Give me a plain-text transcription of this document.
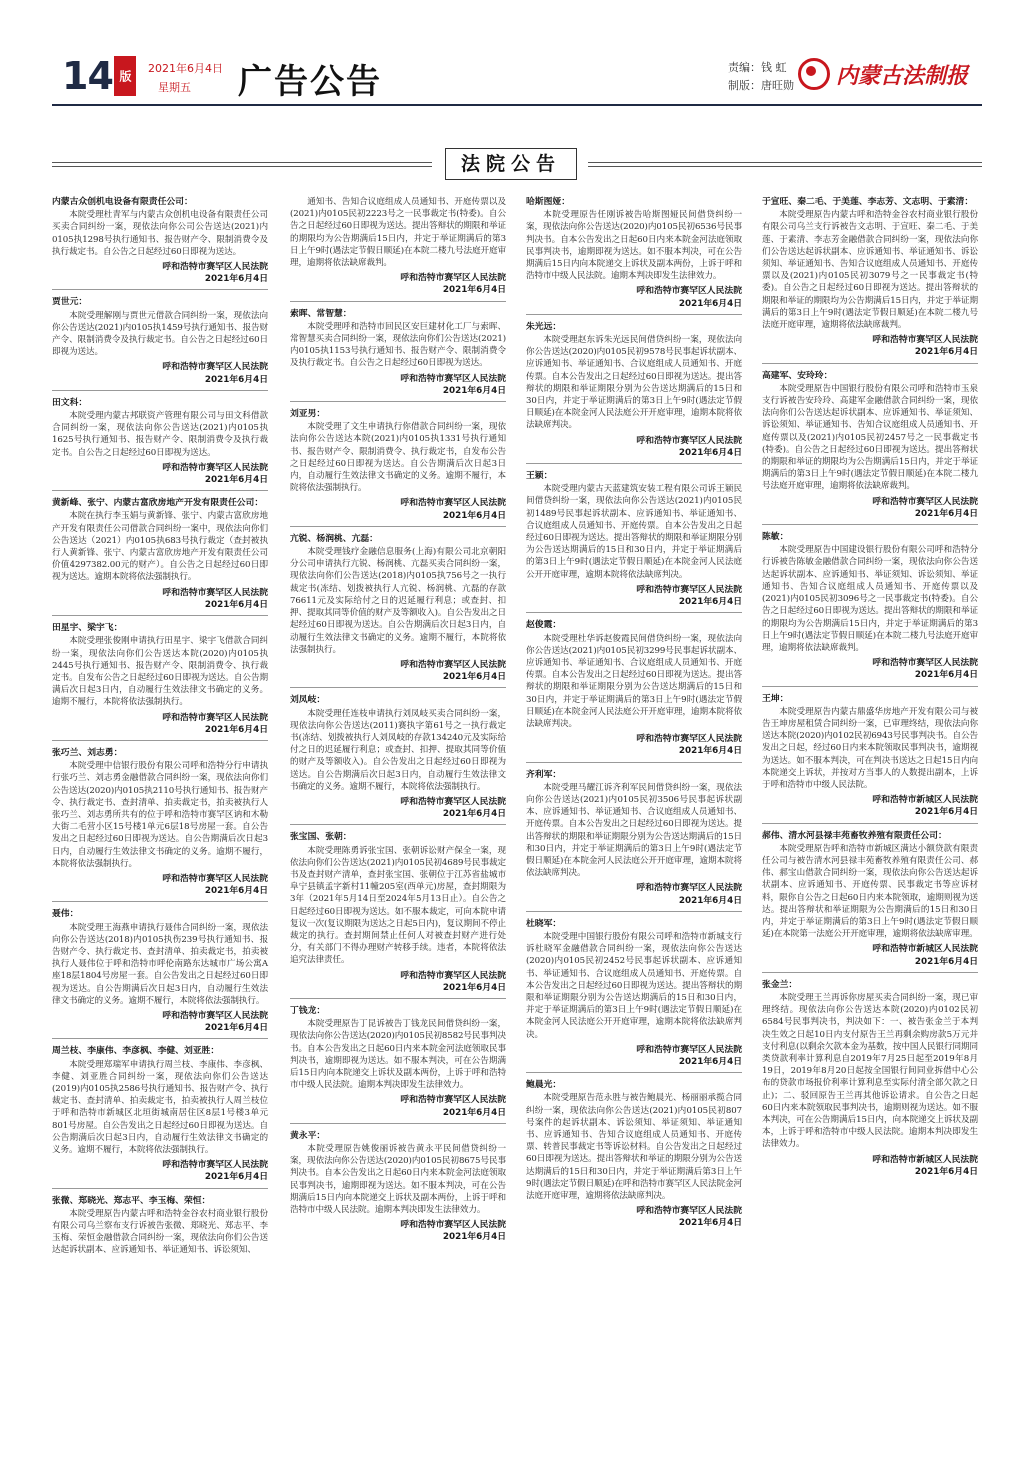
14 版
2021年6月4日
星期五 广告公告	责编：钱 虹
制版：唐旺勋 内蒙古法制报
法院公告
内蒙古众创机电设备有限责任公司：
本院受理杜青军与内蒙古众创机电设备有限责任公司买卖合同纠纷一案，现依法向你公司公告送达(2021)内0105执1298号执行通知书、报告财产令、限制消费令及执行裁定书。自公告之日起经过60日即视为送达。
呼和浩特市赛罕区人民法院
2021年6月4日
贾世元：
本院受理解刚与贾世元借款合同纠纷一案，现依法向你公告送达(2021)内0105执1459号执行通知书、报告财产令、限制消费令及执行裁定书。自公告之日起经过60日即视为送达。
呼和浩特市赛罕区人民法院
2021年6月4日
田文科：
本院受理内蒙古邦联资产管理有限公司与田文科借款合同纠纷一案，现依法向你公告送达(2021)内0105执1625号执行通知书、报告财产令、限制消费令及执行裁定书。自公告之日起经过60日即视为送达。
呼和浩特市赛罕区人民法院
2021年6月4日
黄新峰、张宁、内蒙古富欣房地产开发有限责任公司：
本院在执行李玉娟与黄新锋、张宁、内蒙古富欣房地产开发有限责任公司借款合同纠纷一案中，现依法向你们公告送达（2021）内0105执683号执行裁定（查封被执行人黄新锋、张宁、内蒙古富欣房地产开发有限责任公司价值4297382.00元的财产）。自公告之日起经过60日即视为送达。逾期本院将依法强制执行。
呼和浩特市赛罕区人民法院
2021年6月4日
田星宇、梁宇飞：
本院受理张俊刚申请执行田星宇、梁宇飞借款合同纠纷一案，现依法向你们公告送达本院(2020)内0105执2445号执行通知书、报告财产令、限制消费令、执行裁定书。自发布公告之日起经过60日即视为送达。自公告期满后次日起3日内，自动履行生效法律文书确定的义务。逾期不履行，本院将依法强制执行。
呼和浩特市赛罕区人民法院
2021年6月4日
张巧兰、刘志勇：
本院受理中信银行股份有限公司呼和浩特分行申请执行张巧兰、刘志勇金融借款合同纠纷一案，现依法向你们公告送达(2020)内0105执2110号执行通知书、报告财产令、执行裁定书、查封清单、拍卖裁定书，拍卖被执行人张巧兰、刘志勇所共有的位于呼和浩特市赛罕区讷和木勒大街二毛营小区15号楼1单元6层18号房屋一套。自公告发出之日起经过60日即视为送达。自公告期满后次日起3日内，自动履行生效法律文书确定的义务。逾期不履行，本院将依法强制执行。
呼和浩特市赛罕区人民法院
2021年6月4日
聂伟：
本院受理王海燕申请执行聂伟合同纠纷一案，现依法向你公告送达(2018)内0105执伤239号执行通知书、报告财产令、执行裁定书、查封清单、拍卖裁定书，拍卖被执行人聂伟位于呼和浩特市呼伦南路东达城市广场公寓A座18层1804号房屋一套。自公告发出之日起经过60日即视为送达。自公告期满后次日起3日内，自动履行生效法律文书确定的义务。逾期不履行，本院将依法强制执行。
呼和浩特市赛罕区人民法院
2021年6月4日
周兰枝、李康伟、李彦枫、李健、刘亚胜：
本院受理郑瑞军申请执行周兰枝、李康伟、李彦枫、李健、刘亚胜合同纠纷一案，现依法向你们公告送达(2019)内0105执2586号执行通知书、报告财产令、执行裁定书、查封清单、拍卖裁定书，拍卖被执行人周兰枝位于呼和浩特市新城区北垣街城南居住区8层1号楼3单元801号房屋。自公告发出之日起经过60日即视为送达。自公告期满后次日起3日内，自动履行生效法律文书确定的义务。逾期不履行，本院将依法强制执行。
呼和浩特市赛罕区人民法院
2021年6月4日
张微、郑晓光、郑志平、李玉梅、荣恒：
本院受理原告内蒙古呼和浩特金谷农村商业银行股份有限公司乌兰察布支行诉被告张微、郑晓光、郑志平、李玉梅、荣恒金融借款合同纠纷一案，现依法向你们公告送达起诉状副本、应诉通知书、举证通知书、诉讼须知、
通知书、告知合议庭组成人员通知书、开庭传票以及(2021)内0105民初2223号之一民事裁定书(特委)。自公告之日起经过60日即视为送达。提出答辩状的期限和举证的期限均为公告期满后15日内，并定于举证期满后的第3日上午9时(遇法定节假日顺延)在本院二楼九号法庭开庭审理，逾期将依法缺席裁判。
呼和浩特市赛罕区人民法院
2021年6月4日
索晖、常智慧：
本院受理呼和浩特市回民区安巨建材化工厂与索晖、常智慧买卖合同纠纷一案，现依法向你们公告送达(2021)内0105执1153号执行通知书、报告财产令、限制消费令及执行裁定书。自公告之日起经过60日即视为送达。
呼和浩特市赛罕区人民法院
2021年6月4日
刘亚男：
本院受理了文生申请执行你借款合同纠纷一案，现依法向你公告送达本院(2021)内0105执1331号执行通知书、报告财产令、限制消费令、执行裁定书，自发布公告之日起经过60日即视为送达。自公告期满后次日起3日内，自动履行生效法律文书确定的义务。逾期不履行，本院将依法强制执行。
呼和浩特市赛罕区人民法院
2021年6月4日
亢锐、杨润桃、亢磊：
本院受理钱疗金融信息服务(上海)有限公司北京朝阳分公司申请执行亢锐、杨润桃、亢磊买卖合同纠纷一案，现依法向你们公告送达(2018)内0105执756号之一执行裁定书(冻结、划拨被执行人亢锐、杨润桃、亢磊的存款76611元及实际给付之日的迟延履行利息；或查封、扣押、提取其同等价值的财产及等额收入)。自公告发出之日起经过60日即视为送达。自公告期满后次日起3日内，自动履行生效法律文书确定的义务。逾期不履行，本院将依法强制执行。
呼和浩特市赛罕区人民法院
2021年6月4日
刘凤岐：
本院受理任连枝申请执行刘凤岐买卖合同纠纷一案，现依法向你公告送达(2011)赛执字第61号之一执行裁定书(冻结、划拨被执行人刘凤岐的存款134240元及实际给付之日的迟延履行利息；或查封、扣押、提取其同等价值的财产及等额收入)。自公告发出之日起经过60日即视为送达。自公告期满后次日起3日内，自动履行生效法律文书确定的义务。逾期不履行，本院将依法强制执行。
呼和浩特市赛罕区人民法院
2021年6月4日
张宝国、张朝：
本院受理陈勇诉张宝国、张朝诉讼财产保全一案，现依法向你们公告送达(2021)内0105民初4689号民事裁定书及查封财产清单，查封张宝国、张朝位于江苏省盐城市阜宁县镇孟字新村11幢205室(西单元)房屋，查封期限为3年（2021年5月14日至2024年5月13日止）。自公告之日起经过60日即视为送达。如不服本裁定，可向本院申请复议一次(复议期限为送达之日起5日内)，复议期间不停止裁定的执行。查封期间禁止任何人对被查封财产进行处分，有关部门不得办理财产转移手续。违者，本院将依法追究法律责任。
呼和浩特市赛罕区人民法院
2021年6月4日
丁钱龙：
本院受理原告丁昆诉被告丁钱龙民间借贷纠纷一案，现依法向你公告送达(2020)内0105民初8582号民事判决书。自本公告发出之日起60日内来本院金河法庭领取民事判决书，逾期即视为送达。如不服本判决，可在公告期满后15日内向本院递交上诉状及副本两份，上诉于呼和浩特市中级人民法院。逾期本判决即发生法律效力。
呼和浩特市赛罕区人民法院
2021年6月4日
黄永平：
本院受理原告姚俊丽诉被告黄永平民间借贷纠纷一案，现依法向你公告送达(2020)内0105民初8675号民事判决书。自本公告发出之日起60日内来本院金河法庭领取民事判决书，逾期即视为送达。如不服本判决，可在公告期满后15日内向本院递交上诉状及副本两份，上诉于呼和浩特市中级人民法院。逾期本判决即发生法律效力。
呼和浩特市赛罕区人民法院
2021年6月4日
哈斯图娅：
本院受理原告任刚诉被告哈斯图娅民间借贷纠纷一案，现依法向你公告送达(2020)内0105民初6536号民事判决书。自本公告发出之日起60日内来本院金河法庭领取民事判决书，逾期即视为送达。如不服本判决，可在公告期满后15日内向本院递交上诉状及副本两份，上诉于呼和浩特市中级人民法院。逾期本判决即发生法律效力。
呼和浩特市赛罕区人民法院
2021年6月4日
朱光远：
本院受理赵东诉朱光远民间借贷纠纷一案，现依法向你公告送达(2020)内0105民初9578号民事起诉状副本、应诉通知书、举证通知书、合议庭组成人员通知书、开庭传票。自本公告发出之日起经过60日即视为送达。提出答辩状的期限和举证期限分别为公告送达期满后的15日和30日内，并定于举证期满后的第3日上午9时(遇法定节假日顺延)在本院金河人民法庭公开开庭审理，逾期本院将依法缺席判决。
呼和浩特市赛罕区人民法院
2021年6月4日
王颖：
本院受理内蒙古天蓝建筑安装工程有限公司诉王颖民间借贷纠纷一案，现依法向你公告送达(2021)内0105民初1489号民事起诉状副本、应诉通知书、举证通知书、合议庭组成人员通知书、开庭传票。自本公告发出之日起经过60日即视为送达。提出答辩状的期限和举证期限分别为公告送达期满后的15日和30日内，并定于举证期满后的第3日上午9时(遇法定节假日顺延)在本院金河人民法庭公开开庭审理，逾期本院将依法缺席判决。
呼和浩特市赛罕区人民法院
2021年6月4日
赵俊霞：
本院受理杜华诉赵俊霞民间借贷纠纷一案，现依法向你公告送达(2021)内0105民初3299号民事起诉状副本、应诉通知书、举证通知书、合议庭组成人员通知书、开庭传票。自本公告发出之日起经过60日即视为送达。提出答辩状的期限和举证期限分别为公告送达期满后的15日和30日内，并定于举证期满后的第3日上午9时(遇法定节假日顺延)在本院金河人民法庭公开开庭审理，逾期本院将依法缺席判决。
呼和浩特市赛罕区人民法院
2021年6月4日
齐利军：
本院受理马耀江诉齐利军民间借贷纠纷一案，现依法向你公告送达(2021)内0105民初3506号民事起诉状副本、应诉通知书、举证通知书、合议庭组成人员通知书、开庭传票。自本公告发出之日起经过60日即视为送达。提出答辩状的期限和举证期限分别为公告送达期满后的15日和30日内，并定于举证期满后的第3日上午9时(遇法定节假日顺延)在本院金河人民法庭公开开庭审理，逾期本院将依法缺席判决。
呼和浩特市赛罕区人民法院
2021年6月4日
杜晓军：
本院受理中国银行股份有限公司呼和浩特市新城支行诉杜晓军金融借款合同纠纷一案，现依法向你公告送达(2020)内0105民初2452号民事起诉状副本、应诉通知书、举证通知书、合议庭组成人员通知书、开庭传票。自本公告发出之日起经过60日即视为送达。提出答辩状的期限和举证期限分别为公告送达期满后的15日和30日内，并定于举证期满后的第3日上午9时(遇法定节假日顺延)在本院金河人民法庭公开开庭审理，逾期本院将依法缺席判决。
呼和浩特市赛罕区人民法院
2021年6月4日
鲍晨光：
本院受理原告范永胜与被告鲍晨光、杨丽丽承揽合同纠纷一案，现依法向你公告送达(2021)内0105民初807号案件的起诉状副本、诉讼须知、举证须知、举证通知书、应诉通知书、告知合议庭组成人员通知书、开庭传票、转普民事裁定书等诉讼材料。自公告发出之日起经过60日即视为送达。提出答辩状和举证的期限分别为公告送达期满后的15日和30日内，并定于举证期满后第3日上午9时(遇法定节假日顺延)在呼和浩特市赛罕区人民法院金河法庭开庭审理，逾期将依法缺席判决。
呼和浩特市赛罕区人民法院
2021年6月4日
于宣旺、秦二毛、于美莲、李志芳、文志明、于素清：
本院受理原告内蒙古呼和浩特金谷农村商业银行股份有限公司乌兰支行诉被告文志明、于宣旺、秦二毛、于美莲、于素清、李志芳金融借款合同纠纷一案，现依法向你们公告送达起诉状副本、应诉通知书、举证通知书、诉讼须知、举证通知书、告知合议庭组成人员通知书、开庭传票以及(2021)内0105民初3079号之一民事裁定书(特委)。自公告之日起经过60日即视为送达。提出答辩状的期限和举证的期限均为公告期满后15日内，并定于举证期满后的第3日上午9时(遇法定节假日顺延)在本院二楼九号法庭开庭审理，逾期将依法缺席裁判。
呼和浩特市赛罕区人民法院
2021年6月4日
高建军、安玲玲：
本院受理原告中国银行股份有限公司呼和浩特市玉泉支行诉被告安玲玲、高建军金融借款合同纠纷一案，现依法向你们公告送达起诉状副本、应诉通知书、举证须知、诉讼须知、举证通知书、告知合议庭组成人员通知书、开庭传票以及(2021)内0105民初2457号之一民事裁定书(特委)。自公告之日起经过60日即视为送达。提出答辩状的期限和举证的期限均为公告期满后15日内，并定于举证期满后的第3日上午9时(遇法定节假日顺延)在本院二楼九号法庭开庭审理，逾期将依法缺席裁判。
呼和浩特市赛罕区人民法院
2021年6月4日
陈敏：
本院受理原告中国建设银行股份有限公司呼和浩特分行诉被告陈敏金融借款合同纠纷一案，现依法向你公告送达起诉状副本、应诉通知书、举证须知、诉讼须知、举证通知书、告知合议庭组成人员通知书、开庭传票以及(2021)内0105民初3096号之一民事裁定书(特委)。自公告之日起经过60日即视为送达。提出答辩状的期限和举证的期限均为公告期满后15日内，并定于举证期满后的第3日上午9时(遇法定节假日顺延)在本院二楼九号法庭开庭审理，逾期将依法缺席裁判。
呼和浩特市赛罕区人民法院
2021年6月4日
王坤：
本院受理原告内蒙古鼎盛华房地产开发有限公司与被告王坤房屋租赁合同纠纷一案，已审理终结，现依法向你送达本院(2020)内0102民初6943号民事判决书。自公告发出之日起，经过60日内来本院领取民事判决书，逾期视为送达。如不服本判决，可在判决书送达之日起15日内向本院递交上诉状，并按对方当事人的人数提出副本，上诉于呼和浩特市中级人民法院。
呼和浩特市新城区人民法院
2021年6月4日
郝伟、清水河县禄丰苑畜牧养殖有限责任公司：
本院受理原告呼和浩特市新城区满达小额贷款有限责任公司与被告清水河县禄丰苑畜牧养殖有限责任公司、郝伟、郝宝山借款合同纠纷一案，现依法向你公告送达起诉状副本、应诉通知书、开庭传票、民事裁定书等应诉材料，限你自公告之日起60日内来本院领取，逾期则视为送达。提出答辩状和举证期限为公告期满后的15日和30日内，并定于举证期满后的第3日上午9时(遇法定节假日顺延)在本院第一法庭公开开庭审理，逾期将依法缺席审理。
呼和浩特市新城区人民法院
2021年6月4日
张金兰：
本院受理王兰再诉你房屋买卖合同纠纷一案，现已审理终结。现依法向你公告送达本院(2020)内0102民初6584号民事判决书，判决如下：一、被告张金兰于本判决生效之日起10日内支付原告王兰再剩余购房款5万元并支付利息(以剩余欠款本金为基数，按中国人民银行同期同类贷款利率计算利息自2019年7月25日起至2019年8月19日，2019年8月20日起按全国银行间同业拆借中心公布的贷款市场报价利率计算利息至实际付清全部欠款之日止)；二、驳回原告王兰再其他诉讼请求。自公告之日起60日内来本院领取民事判决书，逾期则视为送达。如不服本判决，可在公告期满后15日内，向本院递交上诉状及副本，上诉于呼和浩特市中级人民法院。逾期本判决即发生法律效力。
呼和浩特市新城区人民法院
2021年6月4日
